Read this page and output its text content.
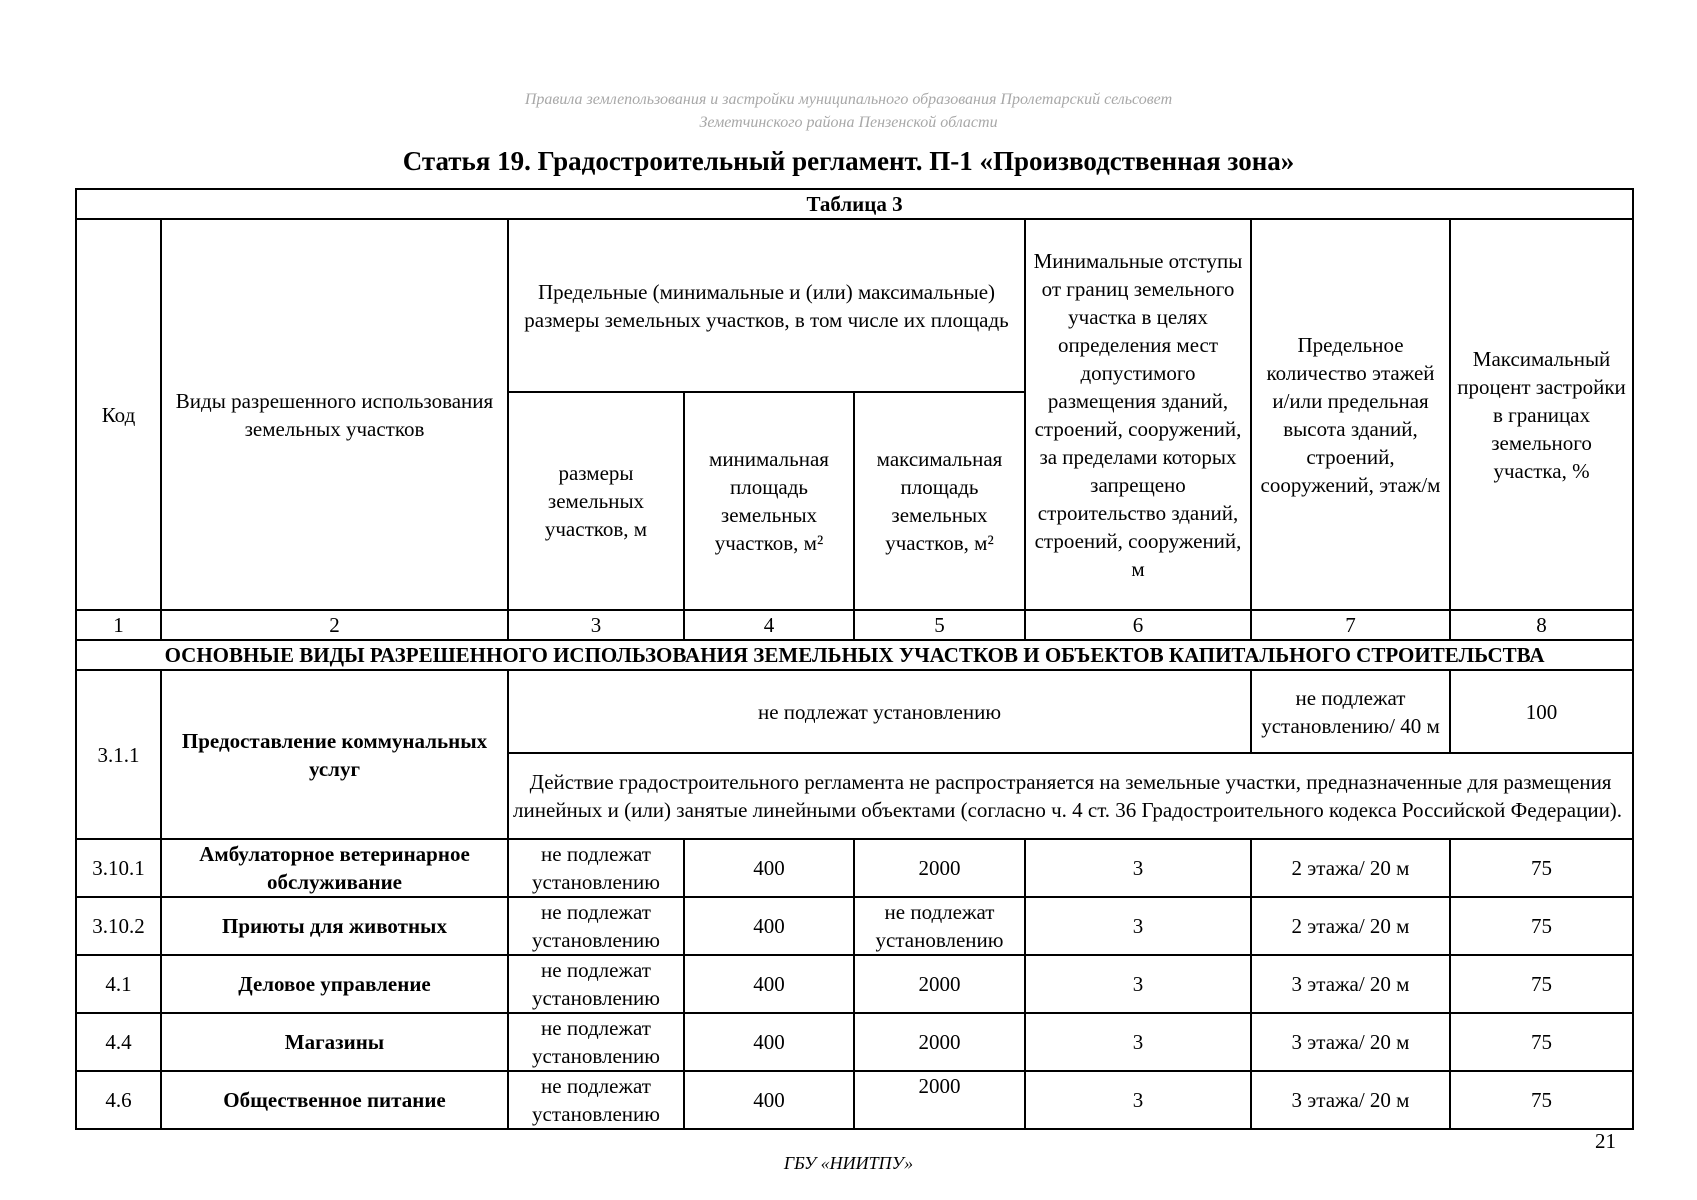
Правила землепользования и застройки муниципального образования Пролетарский сельсовет
Земетчинского района Пензенской области
Статья 19. Градостроительный регламент. П-1 «Производственная зона»
Таблица 3							
Код	Виды разрешенного использования земельных участков	Предельные (минимальные и (или) максимальные) размеры земельных участков, в том числе их площадь			Минимальные отступы от границ земельного участка в целях определения мест допустимого размещения зданий, строений, сооружений, за пределами которых запрещено строительство зданий, строений, сооружений, м	Предельное количество этажей и/или предельная высота зданий, строений, сооружений, этаж/м	Максимальный процент застройки в границах земельного участка, %
		размеры земельных участков, м	минимальная площадь земельных участков, м²	максимальная площадь земельных участков, м²			
1	2	3	4	5	6	7	8
ОСНОВНЫЕ ВИДЫ РАЗРЕШЕННОГО ИСПОЛЬЗОВАНИЯ ЗЕМЕЛЬНЫХ УЧАСТКОВ И ОБЪЕКТОВ КАПИТАЛЬНОГО СТРОИТЕЛЬСТВА							
3.1.1	Предоставление коммунальных услуг	не подлежат установлению				не подлежат установлению/ 40 м	100
		Действие градостроительного регламента не распространяется на земельные участки, предназначенные для размещения линейных и (или) занятые линейными объектами (согласно ч. 4 ст. 36 Градостроительного кодекса Российской Федерации).					
3.10.1	Амбулаторное ветеринарное обслуживание	не подлежат установлению	400	2000	3	2 этажа/ 20 м	75
3.10.2	Приюты для животных	не подлежат установлению	400	не подлежат установлению	3	2 этажа/ 20 м	75
4.1	Деловое управление	не подлежат установлению	400	2000	3	3 этажа/ 20 м	75
4.4	Магазины	не подлежат установлению	400	2000	3	3 этажа/ 20 м	75
4.6	Общественное питание	не подлежат установлению	400	2000	3	3 этажа/ 20 м	75
21
ГБУ «НИИТПУ»
